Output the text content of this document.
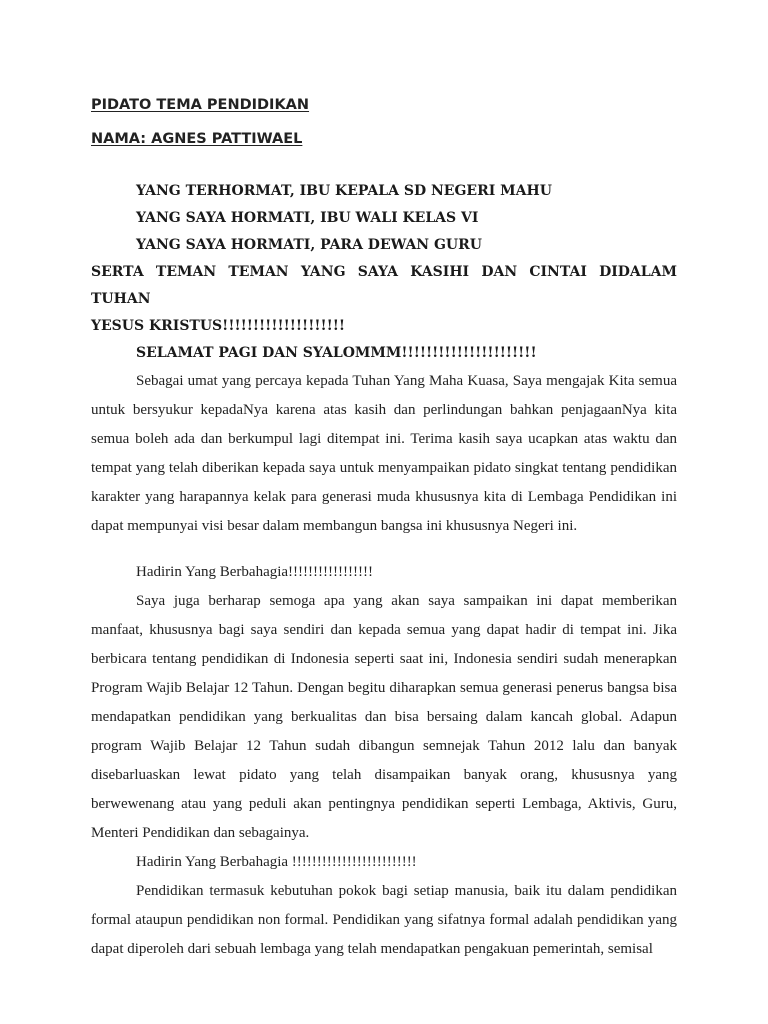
PIDATO TEMA PENDIDIKAN

NAMA: AGNES PATTIWAEL

YANG TERHORMAT, IBU KEPALA SD NEGERI MAHU

YANG SAYA HORMATI, IBU WALI KELAS VI

YANG SAYA HORMATI, PARA DEWAN GURU

SERTA TEMAN TEMAN YANG SAYA KASIHI DAN CINTAI DIDALAM TUHAN

YESUS KRISTUS!!!!!!!!!!!!!!!!!!!!

SELAMAT PAGI DAN SYALOMMM!!!!!!!!!!!!!!!!!!!!!!

Sebagai umat yang percaya kepada Tuhan Yang Maha Kuasa, Saya mengajak Kita semua untuk bersyukur kepadaNya karena atas kasih dan perlindungan bahkan penjagaanNya kita semua boleh ada dan berkumpul lagi ditempat ini. Terima kasih saya ucapkan atas waktu dan tempat yang telah diberikan kepada saya untuk menyampaikan pidato singkat tentang pendidikan karakter yang harapannya kelak para generasi muda khususnya kita di Lembaga Pendidikan ini dapat mempunyai visi besar dalam membangun bangsa ini khususnya Negeri ini.

Hadirin Yang Berbahagia!!!!!!!!!!!!!!!!!

Saya juga berharap semoga apa yang akan saya sampaikan ini dapat memberikan manfaat, khususnya bagi saya sendiri dan kepada semua yang dapat hadir di tempat ini. Jika berbicara tentang pendidikan di Indonesia seperti saat ini, Indonesia sendiri sudah menerapkan Program Wajib Belajar 12 Tahun. Dengan begitu diharapkan semua generasi penerus bangsa bisa mendapatkan pendidikan yang berkualitas dan bisa bersaing dalam kancah global. Adapun program Wajib Belajar 12 Tahun sudah dibangun semnejak Tahun 2012 lalu dan banyak disebarluaskan lewat pidato yang telah disampaikan banyak orang, khususnya yang berwewenang atau yang peduli akan pentingnya pendidikan seperti Lembaga, Aktivis, Guru, Menteri Pendidikan dan sebagainya.

Hadirin Yang Berbahagia !!!!!!!!!!!!!!!!!!!!!!!!!

Pendidikan termasuk kebutuhan pokok bagi setiap manusia, baik itu dalam pendidikan formal ataupun pendidikan non formal. Pendidikan yang sifatnya formal adalah pendidikan yang dapat diperoleh dari sebuah lembaga yang telah mendapatkan pengakuan pemerintah, semisal
